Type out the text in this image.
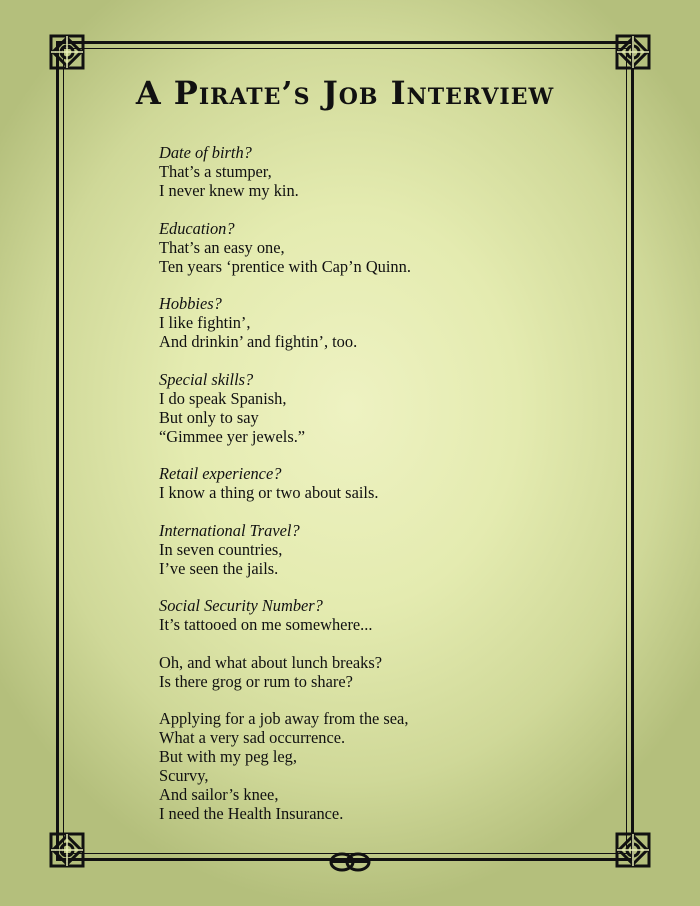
A Pirate’s Job Interview
Date of birth?
That’s a stumper,
I never knew my kin.
Education?
That’s an easy one,
Ten years ‘prentice with Cap’n Quinn.
Hobbies?
I like fightin’,
And drinkin’ and fightin’, too.
Special skills?
I do speak Spanish,
But only to say
“Gimmee yer jewels.”
Retail experience?
I know a thing or two about sails.
International Travel?
In seven countries,
I’ve seen the jails.
Social Security Number?
It’s tattooed on me somewhere...
Oh, and what about lunch breaks?
Is there grog or rum to share?
Applying for a job away from the sea,
What a very sad occurrence.
But with my peg leg,
Scurvy,
And sailor’s knee,
I need the Health Insurance.
